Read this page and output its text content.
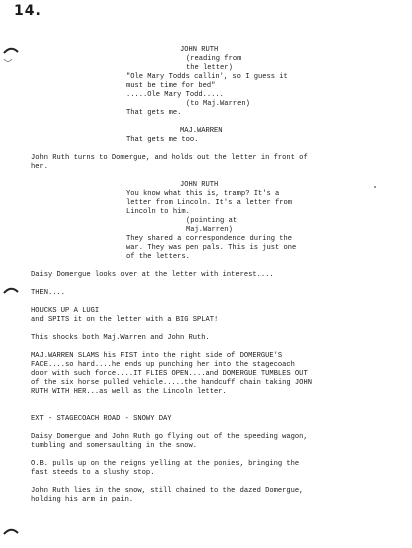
14.
JOHN RUTH
(reading from
the letter)
"Ole Mary Todds callin', so I guess it
must be time for bed"
.....Ole Mary Todd.....
(to Maj.Warren)
That gets me.
MAJ.WARREN
That gets me too.
John Ruth turns to Domergue, and holds out the letter in front of
her.
JOHN RUTH
You know what this is, tramp? It's a
letter from Lincoln. It's a letter from
Lincoln to him.
(pointing at
Maj.Warren)
They shared a correspondence during the
war. They was pen pals. This is just one
of the letters.
Daisy Domergue looks over at the letter with interest....
THEN....
HOUCKS UP A LUGI
and SPITS it on the letter with a BIG SPLAT!
This shocks both Maj.Warren and John Ruth.
MAJ.WARREN SLAMS his FIST into the right side of DOMERGUE'S
FACE....so hard....he ends up punching her into the stagecoach
door with such force....IT FLIES OPEN....and DOMERGUE TUMBLES OUT
of the six horse pulled vehicle.....the handcuff chain taking JOHN
RUTH WITH HER...as well as the Lincoln letter.
EXT - STAGECOACH ROAD - SNOWY DAY
Daisy Domergue and John Ruth go flying out of the speeding wagon,
tumbling and somersaulting in the snow.
O.B. pulls up on the reigns yelling at the ponies, bringing the
fast steeds to a slushy stop.
John Ruth lies in the snow, still chained to the dazed Domergue,
holding his arm in pain.
